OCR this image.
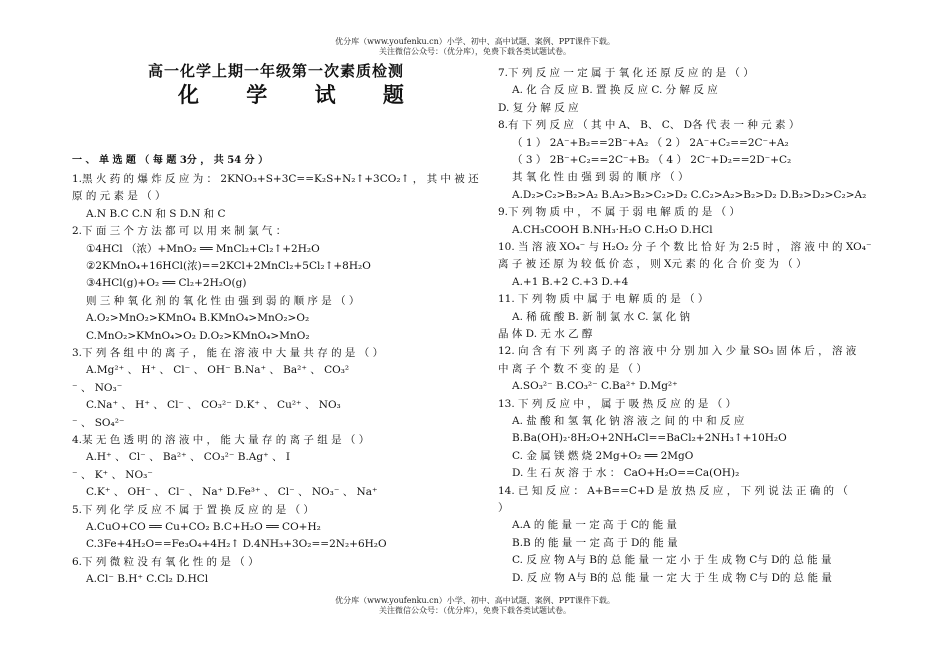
优分库（www.youfenku.cn）小学、初中、高中试题、案例、PPT课件下载。
关注微信公众号：（优分库），免费下载各类试题试卷。
高一化学上期一年级第一次素质检测
化 学 试 题
一 、 单 选 题 （ 每 题 3分 ， 共 54 分 ）
优分库（www.youfenku.cn）小学、初中、高中试题、案例、PPT课件下载。
关注微信公众号：（优分库），免费下载各类试题试卷。
1.黑 火 药 的 爆 炸 反 应 为 ： 2KNO₃+S+3C==K₂S+N₂↑+3CO₂↑ ， 其 中 被 还
原 的 元 素 是 （ ）
A.N B.C C.N 和 S D.N 和 C
2.下 面 三 个 方 法 都 可 以 用 来 制 氯 气 ：
①4HCl （浓）+MnO₂ ══ MnCl₂+Cl₂↑+2H₂O
②2KMnO₄+16HCl(浓)==2KCl+2MnCl₂+5Cl₂↑+8H₂O
③4HCl(g)+O₂ ══ Cl₂+2H₂O(g)
则 三 种 氧 化 剂 的 氧 化 性 由 强 到 弱 的 顺 序 是 （ ）
A.O₂>MnO₂>KMnO₄ B.KMnO₄>MnO₂>O₂
C.MnO₂>KMnO₄>O₂ D.O₂>KMnO₄>MnO₂
3.下 列 各 组 中 的 离 子 ， 能 在 溶 液 中 大 量 共 存 的 是 （ ）
A.Mg²⁺ 、 H⁺ 、 Cl⁻ 、 OH⁻ B.Na⁺ 、 Ba²⁺ 、 CO₃²
⁻ 、 NO₃⁻
C.Na⁺ 、 H⁺ 、 Cl⁻ 、 CO₃²⁻ D.K⁺ 、 Cu²⁺ 、 NO₃
⁻ 、 SO₄²⁻
4.某 无 色 透 明 的 溶 液 中 ， 能 大 量 存 的 离 子 组 是 （ ）
A.H⁺ 、 Cl⁻ 、 Ba²⁺ 、 CO₃²⁻ B.Ag⁺ 、 I
⁻ 、 K⁺ 、 NO₃⁻
C.K⁺ 、 OH⁻ 、 Cl⁻ 、 Na⁺ D.Fe³⁺ 、 Cl⁻ 、 NO₃⁻ 、 Na⁺
5.下 列 化 学 反 应 不 属 于 置 换 反 应 的 是 （ ）
A.CuO+CO ══ Cu+CO₂ B.C+H₂O ══ CO+H₂
C.3Fe+4H₂O==Fe₃O₄+4H₂↑ D.4NH₃+3O₂==2N₂+6H₂O
6.下 列 微 粒 没 有 氧 化 性 的 是 （ ）
A.Cl⁻ B.H⁺ C.Cl₂ D.HCl
7.下 列 反 应 一 定 属 于 氧 化 还 原 反 应 的 是 （ ）
A. 化 合 反 应 B. 置 换 反 应 C. 分 解 反 应
D. 复 分 解 反 应
8.有 下 列 反 应 （ 其 中 A、 B、 C、 D各 代 表 一 种 元 素 ）
（ 1 ） 2A⁻+B₂==2B⁻+A₂ （ 2 ） 2A⁻+C₂==2C⁻+A₂
（ 3 ） 2B⁻+C₂==2C⁻+B₂ （ 4 ） 2C⁻+D₂==2D⁻+C₂
其 氧 化 性 由 强 到 弱 的 顺 序 （ ）
A.D₂>C₂>B₂>A₂ B.A₂>B₂>C₂>D₂ C.C₂>A₂>B₂>D₂ D.B₂>D₂>C₂>A₂
9.下 列 物 质 中 ， 不 属 于 弱 电 解 质 的 是 （ ）
A.CH₃COOH B.NH₃·H₂O C.H₂O D.HCl
10. 当 溶 液 XO₄⁻ 与 H₂O₂ 分 子 个 数 比 恰 好 为 2:5 时 ， 溶 液 中 的 XO₄⁻
离 子 被 还 原 为 较 低 价 态 ， 则 X元 素 的 化 合 价 变 为 （ ）
A.+1 B.+2 C.+3 D.+4
11. 下 列 物 质 中 属 于 电 解 质 的 是 （ ）
A. 稀 硫 酸 B. 新 制 氯 水 C. 氯 化 钠
晶 体 D. 无 水 乙 醇
12. 向 含 有 下 列 离 子 的 溶 液 中 分 别 加 入 少 量 SO₃ 固 体 后 ， 溶 液
中 离 子 个 数 不 变 的 是 （ ）
A.SO₃²⁻ B.CO₃²⁻ C.Ba²⁺ D.Mg²⁺
13. 下 列 反 应 中 ， 属 于 吸 热 反 应 的 是 （ ）
A. 盐 酸 和 氢 氧 化 钠 溶 液 之 间 的 中 和 反 应
B.Ba(OH)₂·8H₂O+2NH₄Cl==BaCl₂+2NH₃↑+10H₂O
C. 金 属 镁 燃 烧 2Mg+O₂ ══ 2MgO
D. 生 石 灰 溶 于 水 ： CaO+H₂O==Ca(OH)₂
14. 已 知 反 应 ： A+B==C+D 是 放 热 反 应 ， 下 列 说 法 正 确 的 （
）
A.A 的 能 量 一 定 高 于 C的 能 量
B.B 的 能 量 一 定 高 于 D的 能 量
C. 反 应 物 A与 B的 总 能 量 一 定 小 于 生 成 物 C与 D的 总 能 量
D. 反 应 物 A与 B的 总 能 量 一 定 大 于 生 成 物 C与 D的 总 能 量
